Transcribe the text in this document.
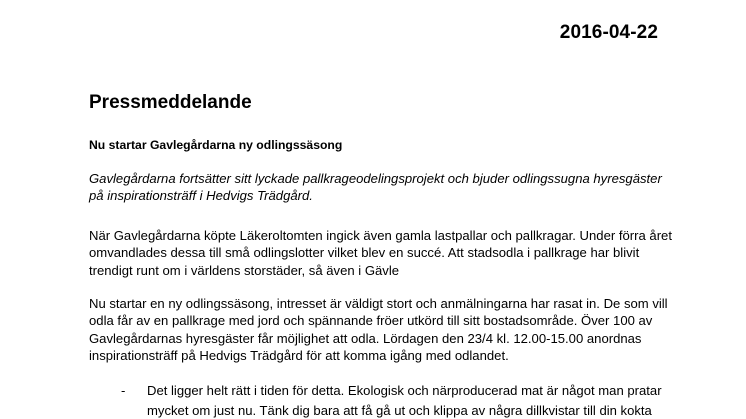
2016-04-22
Pressmeddelande
Nu startar Gavlegårdarna ny odlingssäsong
Gavlegårdarna fortsätter sitt lyckade pallkrageodelingsprojekt och bjuder odlingssugna hyresgäster
på inspirationsträff i Hedvigs Trädgård.
När Gavlegårdarna köpte Läkeroltomten ingick även gamla lastpallar och pallkragar. Under förra året
omvandlades dessa till små odlingslotter vilket blev en succé. Att stadsodla i pallkrage har blivit
trendigt runt om i världens storstäder, så även i Gävle
Nu startar en ny odlingssäsong, intresset är väldigt stort och anmälningarna har rasat in. De som vill
odla får av en pallkrage med jord och spännande fröer utkörd till sitt bostadsområde. Över 100 av
Gavlegårdarnas hyresgäster får möjlighet att odla. Lördagen den 23/4 kl. 12.00-15.00 anordnas
inspirationsträff på Hedvigs Trädgård för att komma igång med odlandet.
- Det ligger helt rätt i tiden för detta. Ekologisk och närproducerad mat är något man pratar
mycket om just nu. Tänk dig bara att få gå ut och klippa av några dillkvistar till din kokta
